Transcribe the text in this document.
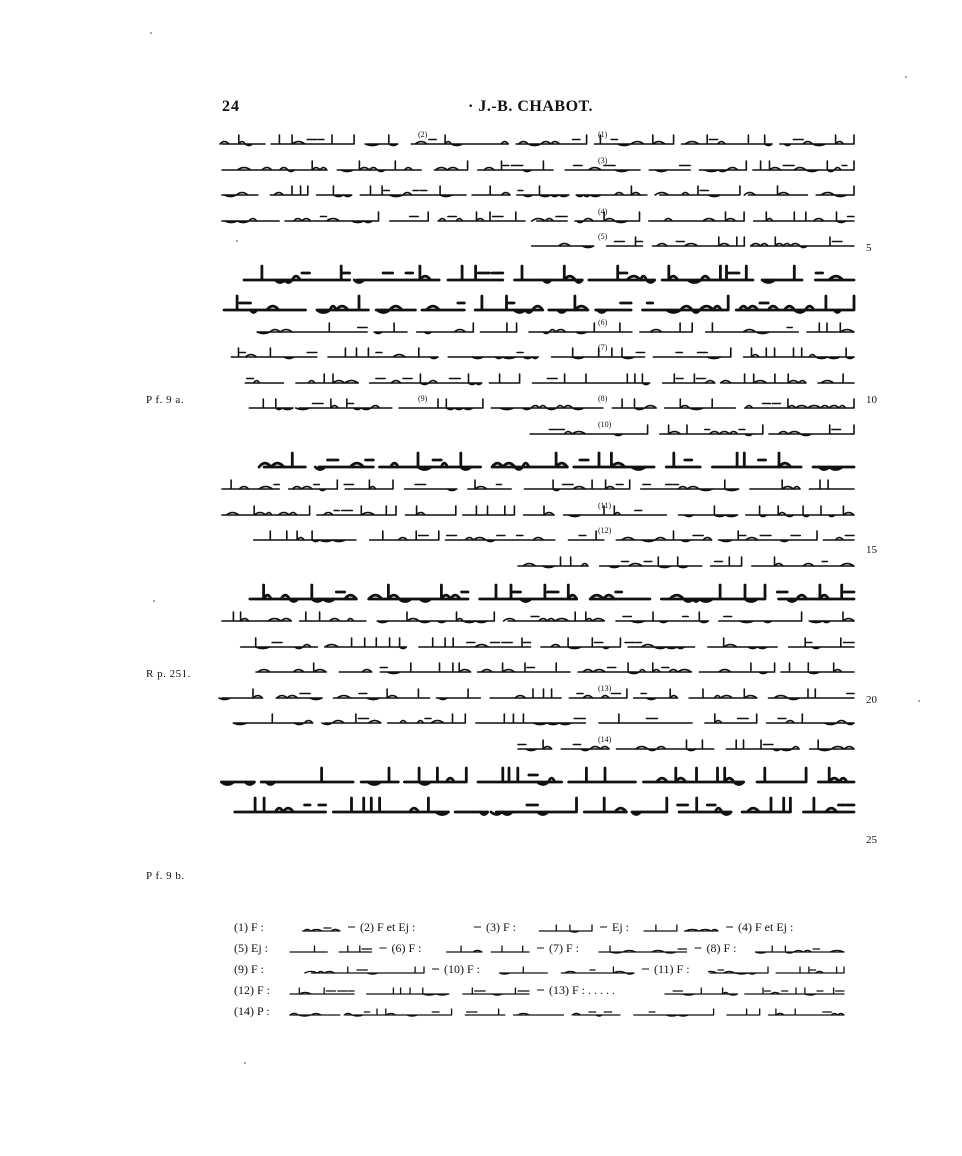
24	· J.-B. CHABOT.
P f. 9 a.
R p. 251.
P f. 9 b.
5
10
15
20
25
(1)
(2)
(3)
(4)
(5)
(6)
(7)
(8)
(9)
(10)
(11)
(12)
(13)
(14)
(1) F :	(2) F et Ej :	(3) F :	Ej :	(4) F et Ej :
(5) Ej :	(6) F :	(7) F :	(8) F :
(9) F :	(10) F :	(11) F :
(12) F :	(13) F : . . . . .
(14) P :
